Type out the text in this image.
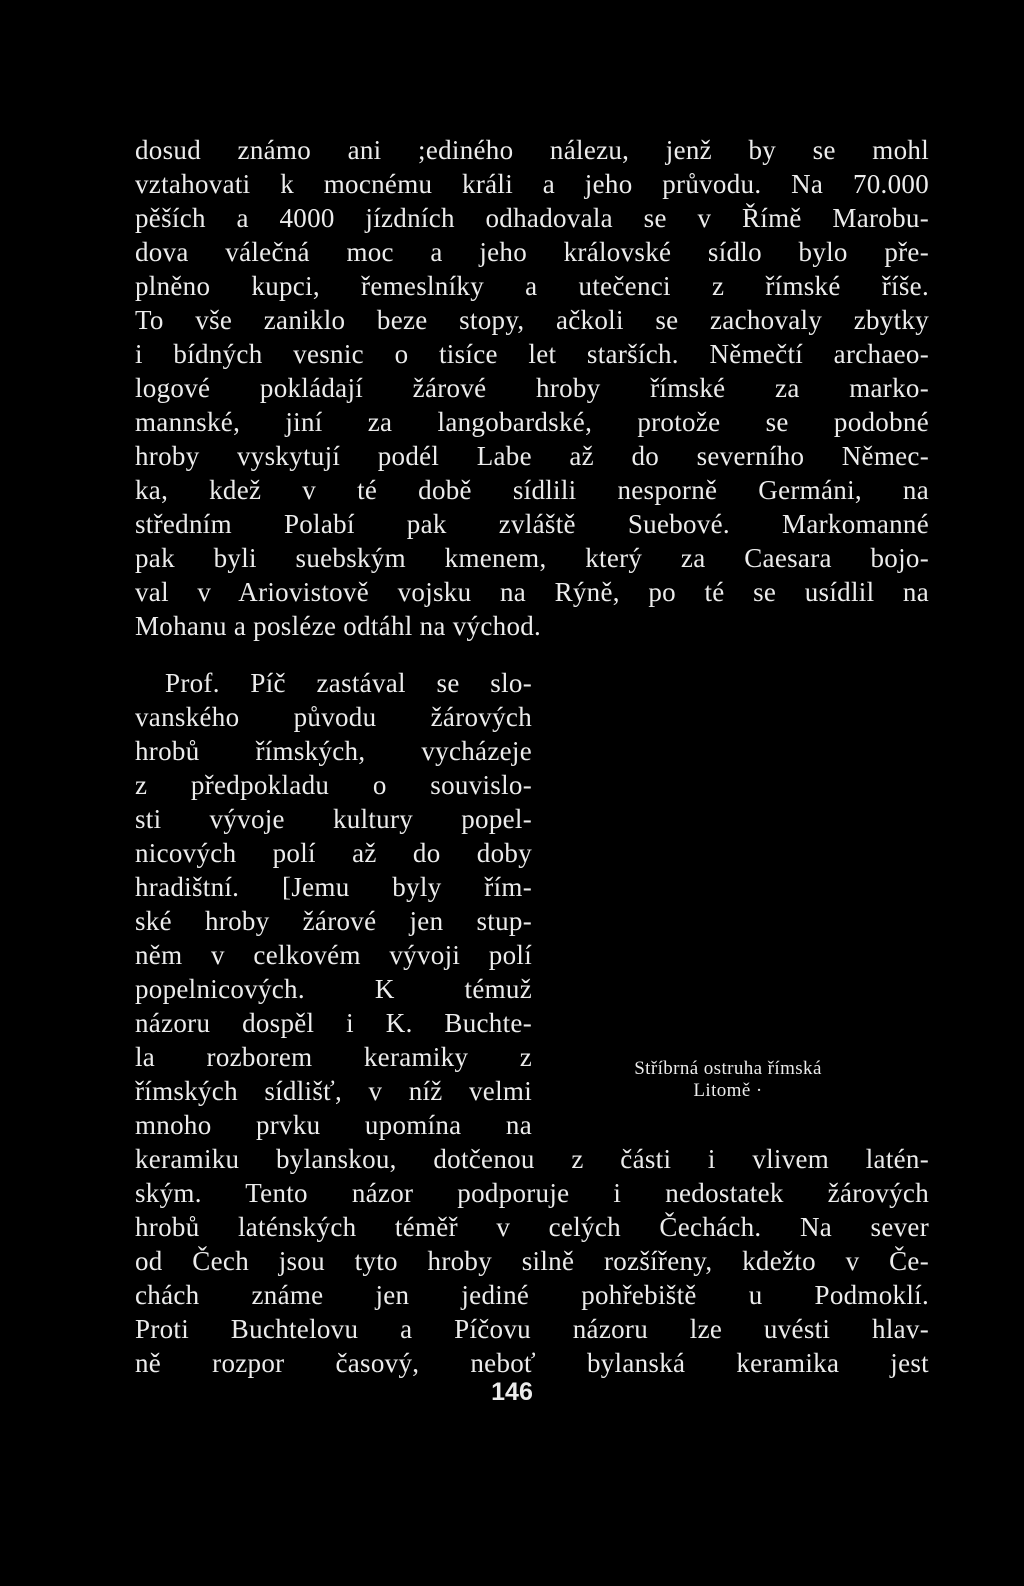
dosud známo ani ;ediného nálezu, jenž by se mohl
vztahovati k mocnému králi a jeho průvodu. Na 70.000
pěších a 4000 jízdních odhadovala se v Římě Marobu-
dova válečná moc a jeho královské sídlo bylo pře-
plněno kupci, řemeslníky a utečenci z římské říše.
To vše zaniklo beze stopy, ačkoli se zachovaly zbytky
i bídných vesnic o tisíce let starších. Němečtí archaeo-
logové pokládají žárové hroby římské za marko-
mannské, jiní za langobardské, protože se podobné
hroby vyskytují podél Labe až do severního Němec-
ka, kdež v té době sídlili nesporně Germáni, na
středním Polabí pak zvláště Suebové. Markomanné
pak byli suebským kmenem, který za Caesara bojo-
val v Ariovistově vojsku na Rýně, po té se usídlil na
Mohanu a posléze odtáhl na východ.
Prof. Píč zastával se slo-
vanského původu žárových
hrobů římských, vycházeje
z předpokladu o souvislo-
sti vývoje kultury popel-
nicových polí až do doby
hradištní. [Jemu byly řím-
ské hroby žárové jen stup-
něm v celkovém vývoji polí
popelnicových. K témuž
názoru dospěl i K. Buchte-
la rozborem keramiky z
římských sídlišť, v níž velmi
mnoho prvku upomína na
keramiku bylanskou, dotčenou z části i vlivem latén-
ským. Tento názor podporuje i nedostatek žárových
hrobů laténských téměř v celých Čechách. Na sever
od Čech jsou tyto hroby silně rozšířeny, kdežto v Če-
chách známe jen jediné pohřebiště u Podmoklí.
Proti Buchtelovu a Píčovu názoru lze uvésti hlav-
ně rozpor časový, neboť bylanská keramika jest
Stříbrná ostruha římská
Litomě ·
146
